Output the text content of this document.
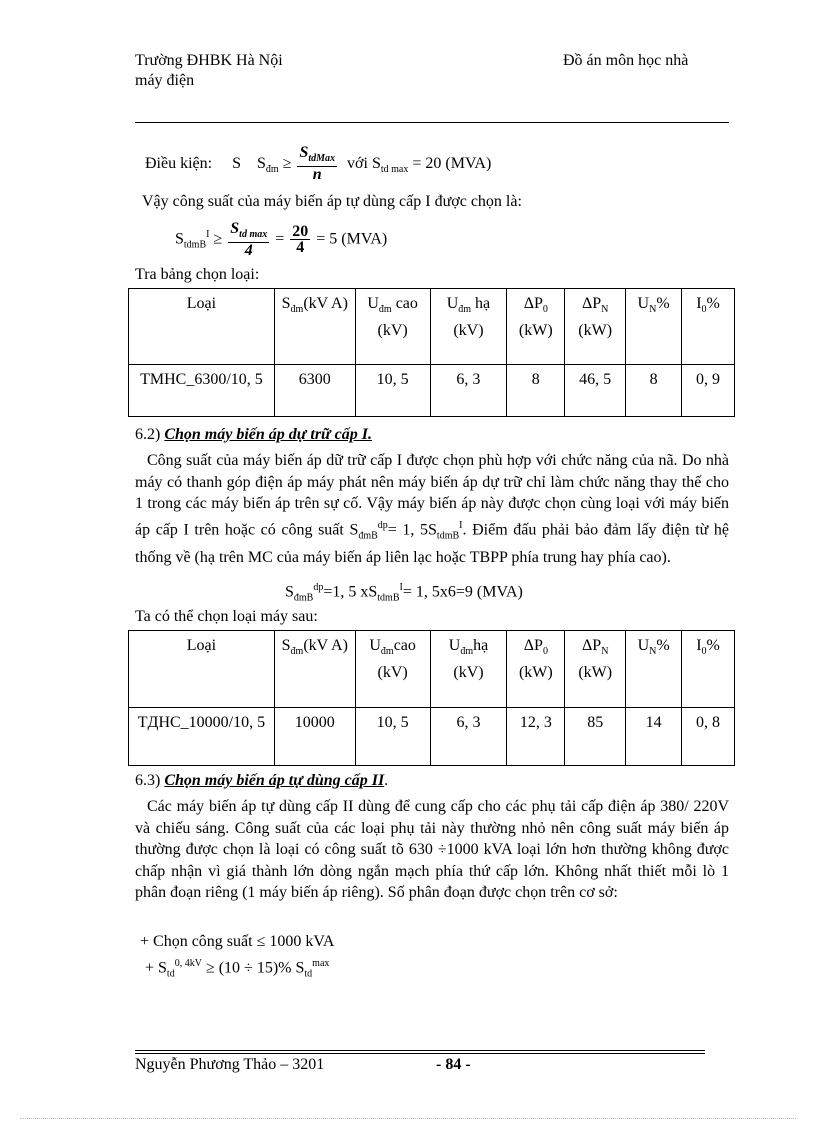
Trường ĐHBK Hà Nội
máy điện
Đồ án môn học nhà
Điều kiện: S $S_{đm} \ge \frac{S_{tdMax}}{n}$ với $S_{td max} = 20$ (MVA)
Vậy công suất của máy biến áp tự dùng cấp I được chọn là:
$S_{tdmB}^I \ge \frac{S_{td max}}{4} = \frac{20}{4} = 5$ (MVA)
Tra bảng chọn loại:
Loại	$S_{đm}(kV$ A)	$U_{đm}$ cao (kV)	$U_{đm}$ hạ (kV)	$\Delta P_0$ (kW)	$\Delta P_N$ (kW)	$U_N\%$	$I_0\%$
TMHC_6300/10, 5	6300	10, 5	6, 3	8	46, 5	8	0, 9
6.2) Chọn máy biến áp dự trữ cấp I.
Công suất của máy biến áp dữ trữ cấp I được chọn phù hợp với chức năng của nã. Do nhà máy có thanh góp điện áp máy phát nên máy biến áp dự trữ chỉ làm chức năng thay thế cho 1 trong các máy biến áp trên sự cố. Vậy máy biến áp này được chọn cùng loại với máy biến áp cấp I trên hoặc có công suất $S_{đmB}^{dp}= 1$, $5S_{tdmB}^I$. Điểm đấu phải bảo đảm lấy điện từ hệ thống về (hạ trên MC của máy biến áp liên lạc hoặc TBPP phía trung hay phía cao).
$S_{đmB}^{dp}=1$, 5 $xS_{tdmB}^I= 1$, 5x6=9 (MVA)
Ta có thể chọn loại máy sau:
Loại	$S_{đm}(kV$ A)	$U_{đm}cao$ (kV)	$U_{đm}hạ$ (kV)	$\Delta P_0$ (kW)	$\Delta P_N$ (kW)	$U_N\%$	$I_0\%$
TДHC_10000/10, 5	10000	10, 5	6, 3	12, 3	85	14	0, 8
6.3) Chọn máy biến áp tự dùng cấp II.
Các máy biến áp tự dùng cấp II dùng để cung cấp cho các phụ tải cấp điện áp 380/ 220V và chiếu sáng. Công suất của các loại phụ tải này thường nhỏ nên công suất máy biến áp thường được chọn là loại có công suất tõ 630 ÷1000 kVA loại lớn hơn thường không được chấp nhận vì giá thành lớn dòng ngắn mạch phía thứ cấp lớn. Không nhất thiết mỗi lò 1 phân đoạn riêng (1 máy biến áp riêng). Số phân đoạn được chọn trên cơ sở:
+ Chọn công suất ≤ 1000 kVA
+ $S_{td}^{0, 4kV} \ge (10 \div 15)\%$ $S_{td}^{max}$
Nguyễn Phương Thảo – 3201	- 84 -
